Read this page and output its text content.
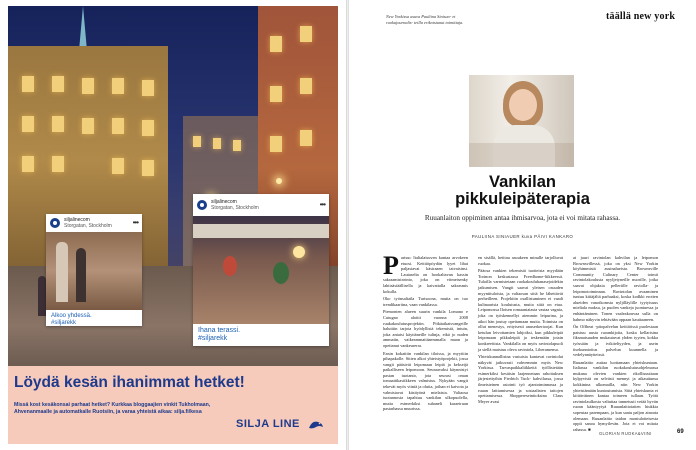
siljalinecom
Storgatan, Stockholm	•••
Alkoo yhdessä.
#siljarekk
siljalinecom
Storgatan, Stockholm	•••
Ihana terassi.
#siljarekk
Löydä kesän ihanimmat hetket!
Missä kost kesäkonsai parhaat hetket? Kurkkaa bloggaajien vinkit Tukholmaan, Ahvenanmaalle ja automatkalle Ruotsiin, ja varaa yhteistä aikaa: silja.fi/kesa
SILJA LINE
New Yorkissa asuva Pauliina Sinisuo- et ruokajournalis- teilla erikoistunut toimittaja.
täällä new york
Vankilan
pikkuleipäterapia
Ruuanlaiton oppiminen antaa ihmisarvoa, jota ei voi mitata rahassa.
PAULIINA SINIAUER kuva PÄIVI KANKARO
P arisuc Italialaisuven kantaa arvokeen etuosi. Keittiöpöydän lyyet lihat paljastavat käsiraaen taivaisinsi. Lautaselta on hookaltavan kassin sakraamistrointo, joka on viimeisenky lahtisäsiäällisella ja kaivattalla sakrasmis kokulla.

Oko työnsaltaila Turisoona, mutta on tuo trendikaariina, vaan vankilassa.

Piemonten alueen suurin vankila Lomano e Cutugno aloitti vuonna 2008 ruukakoulutusprojektin. Pitkäaikaisvangeille haluttiin tarjota hyödyllistä tekemistä, intuin, joka antaisi käyttäneille tulinja, eikä jo nuden ammatin, vaikeammaitäaemmalla maan ja opettanut vankeurerra.

Ensin kokattiin vankilan tiloissa, ja myyttiin pihapakolle. Sitten alkoi yhteistyöprojekti, jossa vangit pääsivät leipomaan leipiä ja kekseijä paikalliseen leipomoon. Seuraavaksi käynnistyi pastan tuotanto, jota seurasi oman tomaattikastikkeen valmistus. Nykyään vangit tekevät myös viiniä ja oluita, joihan ei kaivota ja valmistavat käsityönä mielaista. Valtaosa tuotannosta tapahtuu vankilan ulkopuolella, mutta esimerkiksi suhaneli karaeiruan pastarhassa muurissa.

en sisällä, heittau asuukeen minulle tarjolluvat ruokaa.

Pääosa vankien tekemistä tuotteista myydään Torinon keskustassa Freedhome-liikkeessä. Tuloilla varmistetaan ruokakouluhanasejoidekin jatkumisen. Vangit saavat yleisen osuuden myyntituloista, ja valtaosan siitä he lähettävät perheilleen. Projektiin osallistuminen ei vaadi kulinaarisia koulutusta, mutta siitä on etua. Leipomossa Iloisen romaaniaiasta vastaa vagnia, joka on työskennellyt aiemmin leipurina, ja aikoi hän joutuy opettamaan muita. Toimista on ollut menestys, erityisesti anuserkertoojat. Kun ketulun leivottamien lahjoiksi, kun pikkuleipiä leipomaan pikkuleipiä ja teskemään jotain konkreettista. Vankilalla on myös ravintolapuoli ja siellä maistuu oleva ravintola, Liberamensa.

Yhteiskunnallisina vastuista kantavat ravintolat näkyvät jatkuvasti vahvemmin myös New Yorkissa. Tarvaspaikkaliikkeitä työllistetään esimerkiksi kesäisin laajennetaan rahoituksen järjestettyihin Fiedrich Tuck- kahvilassa, jossa ilmeisteinen asiointi työ ajantoiminnassa ja ruuan laittamisessa ja sosiaalisten taitojen opettamisessa. Shoppereseinttoksina Claus Meyer avasi

at juuri ravintolan kahvilan ja leipomon Brownsvillessä, joka on yksi New Yorkin köyhimmistä asuinalueista. Brownsville Community Culinary Center toimii ravintolakoulusta nyyljetyneille nuorille, jotka saavat ohjaksia pelleriille raviolla- ja leipomotoiminnan. Ravintolan avaaminen tuntuu kiitäjältä parhaaksi, koska kodkki erotten alueiden vanoikomsta nyljilläylille tyytyisuus mieliala maksu, ja puolen vankeja juontuessa ja enhäntäminen. Tonen vaaleakouvaa sulla on hahmo näkyvin tehtävään oppaan kauttaaneen.

Ön Offbeat -pitopalvelun keittiöissä puolestaan paistuu uusia ruoankijoita, koska kellarisina fiksmaisuuden mukautuvat yhden tyyten, kokka työssään ja ivikiteltyyden, ja usein itsekunnioitus palvelun kuunnella ja vedelynnäytteissä.

Ruuanlaitto auttaa luottamaan yhteiskuntaan. Italiassa vankilan ruokakoulutusohjelmassa mukana olevien vankien rikollisuuttaan kylpyvistä on selvästi mennyt ja aikauttunsa kokkinina ulkomailla, niin New Yorkin yhteistämään kuntoutumista. Siitä yhteiskunta ei kiittäväinen kantaa toimeen tullaan. Työtä ravintolaulkosta valtuttaa tunnetusti vetää hyvän ruoan kääntyytyä Ruuanlaittotaiten hiukkia sopeutaa parempaan, ja kun saatu paljon ainoata olemaan. Ruuanlaitto taidon moniulotteisesta oppii sanoa hymyilevän. Jota ei voi mitata rahassa. ■

GLORIAN RUOKA&VIINI	69
